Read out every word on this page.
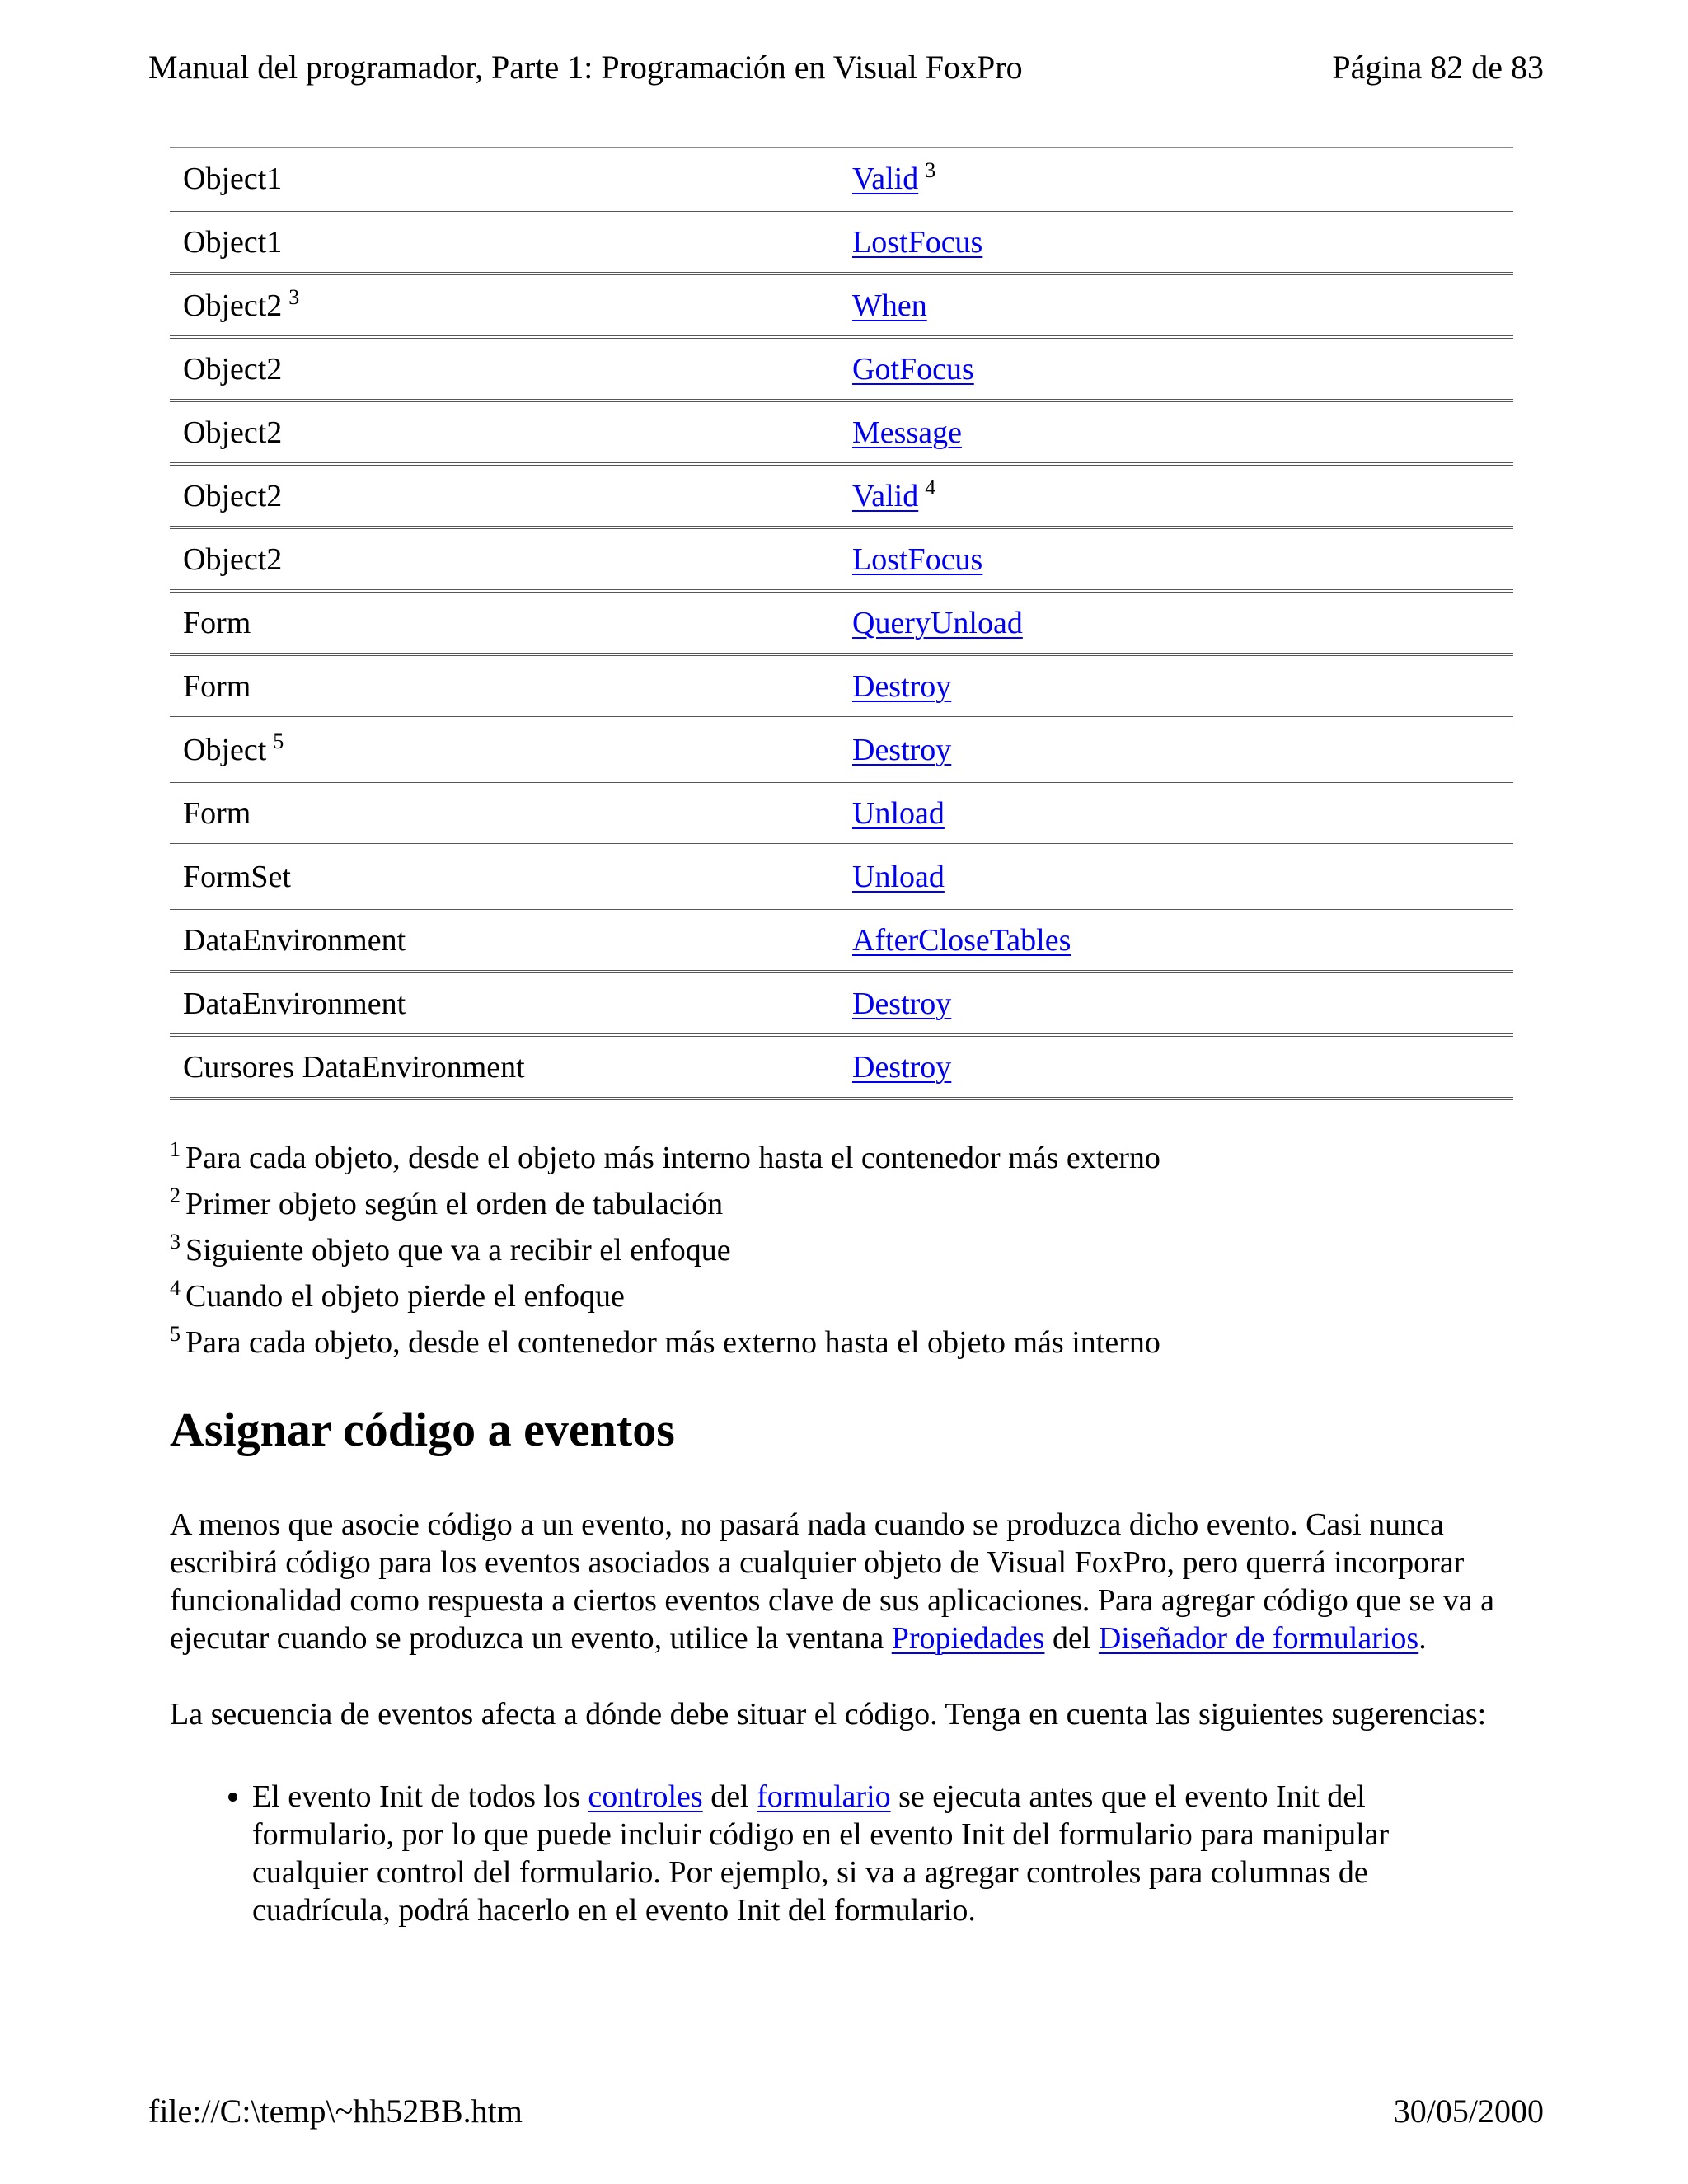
Manual del programador, Parte 1: Programación en Visual FoxPro	Página 82 de 83
Object1	Valid $^3$
Object1	LostFocus
Object2 $^3$	When
Object2	GotFocus
Object2	Message
Object2	Valid $^4$
Object2	LostFocus
Form	QueryUnload
Form	Destroy
Object $^5$	Destroy
Form	Unload
FormSet	Unload
DataEnvironment	AfterCloseTables
DataEnvironment	Destroy
Cursores DataEnvironment	Destroy
$^1$ Para cada objeto, desde el objeto más interno hasta el contenedor más externo
$^2$ Primer objeto según el orden de tabulación
$^3$ Siguiente objeto que va a recibir el enfoque
$^4$ Cuando el objeto pierde el enfoque
$^5$ Para cada objeto, desde el contenedor más externo hasta el objeto más interno
Asignar código a eventos

A menos que asocie código a un evento, no pasará nada cuando se produzca dicho evento. Casi nunca escribirá código para los eventos asociados a cualquier objeto de Visual FoxPro, pero querrá incorporar funcionalidad como respuesta a ciertos eventos clave de sus aplicaciones. Para agregar código que se va a ejecutar cuando se produzca un evento, utilice la ventana Propiedades del Diseñador de formularios.

La secuencia de eventos afecta a dónde debe situar el código. Tenga en cuenta las siguientes sugerencias:

• El evento Init de todos los controles del formulario se ejecuta antes que el evento Init del formulario, por lo que puede incluir código en el evento Init del formulario para manipular cualquier control del formulario. Por ejemplo, si va a agregar controles para columnas de cuadrícula, podrá hacerlo en el evento Init del formulario.
file://C:\temp\~hh52BB.htm	30/05/2000
